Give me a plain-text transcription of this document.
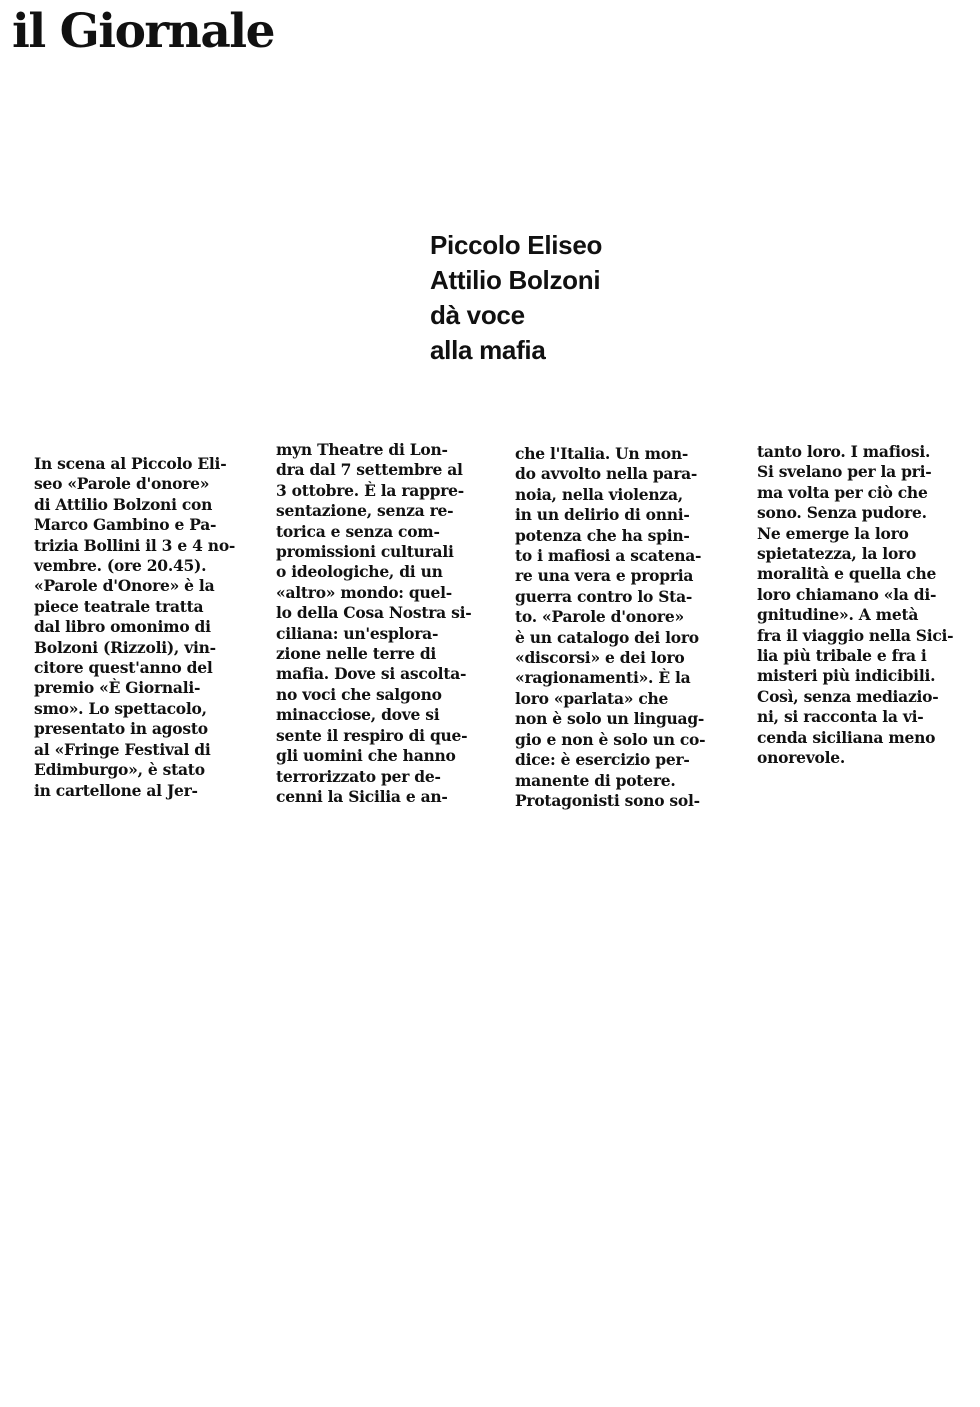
il Giornale
Piccolo Eliseo
Attilio Bolzoni
dà voce
alla mafia
In scena al Piccolo Eli-
seo «Parole d'onore»
di Attilio Bolzoni con
Marco Gambino e Pa-
trizia Bollini il 3 e 4 no-
vembre. (ore 20.45).
«Parole d'Onore» è la
piece teatrale tratta
dal libro omonimo di
Bolzoni (Rizzoli), vin-
citore quest'anno del
premio «È Giornali-
smo». Lo spettacolo,
presentato in agosto
al «Fringe Festival di
Edimburgo», è stato
in cartellone al Jer-
myn Theatre di Lon-
dra dal 7 settembre al
3 ottobre. È la rappre-
sentazione, senza re-
torica e senza com-
promissioni culturali
o ideologiche, di un
«altro» mondo: quel-
lo della Cosa Nostra si-
ciliana: un'esplora-
zione nelle terre di
mafia. Dove si ascolta-
no voci che salgono
minacciose, dove si
sente il respiro di que-
gli uomini che hanno
terrorizzato per de-
cenni la Sicilia e an-
che l'Italia. Un mon-
do avvolto nella para-
noia, nella violenza,
in un delirio di onni-
potenza che ha spin-
to i mafiosi a scatena-
re una vera e propria
guerra contro lo Sta-
to. «Parole d'onore»
è un catalogo dei loro
«discorsi» e dei loro
«ragionamenti». È la
loro «parlata» che
non è solo un linguag-
gio e non è solo un co-
dice: è esercizio per-
manente di potere.
Protagonisti sono sol-
tanto loro. I mafiosi.
Si svelano per la pri-
ma volta per ciò che
sono. Senza pudore.
Ne emerge la loro
spietatezza, la loro
moralità e quella che
loro chiamano «la di-
gnitudine». A metà
fra il viaggio nella Sici-
lia più tribale e fra i
misteri più indicibili.
Così, senza mediazio-
ni, si racconta la vi-
cenda siciliana meno
onorevole.
